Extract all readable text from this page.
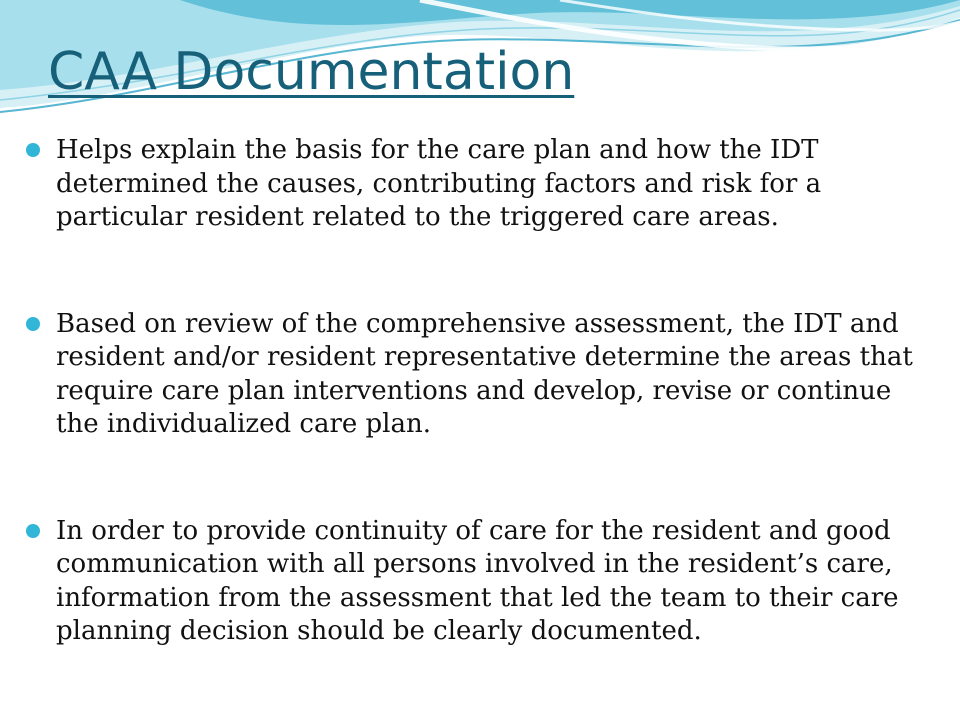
CAA Documentation
Helps explain the basis for the care plan and how the IDT determined the causes, contributing factors and risk for a particular resident related to the triggered care areas.
Based on review of the comprehensive assessment, the IDT and resident and/or resident representative determine the areas that require care plan interventions and develop, revise or continue the individualized care plan.
In order to provide continuity of care for the resident and good communication with all persons involved in the resident’s care, information from the assessment that led the team to their care planning decision should be clearly documented.
